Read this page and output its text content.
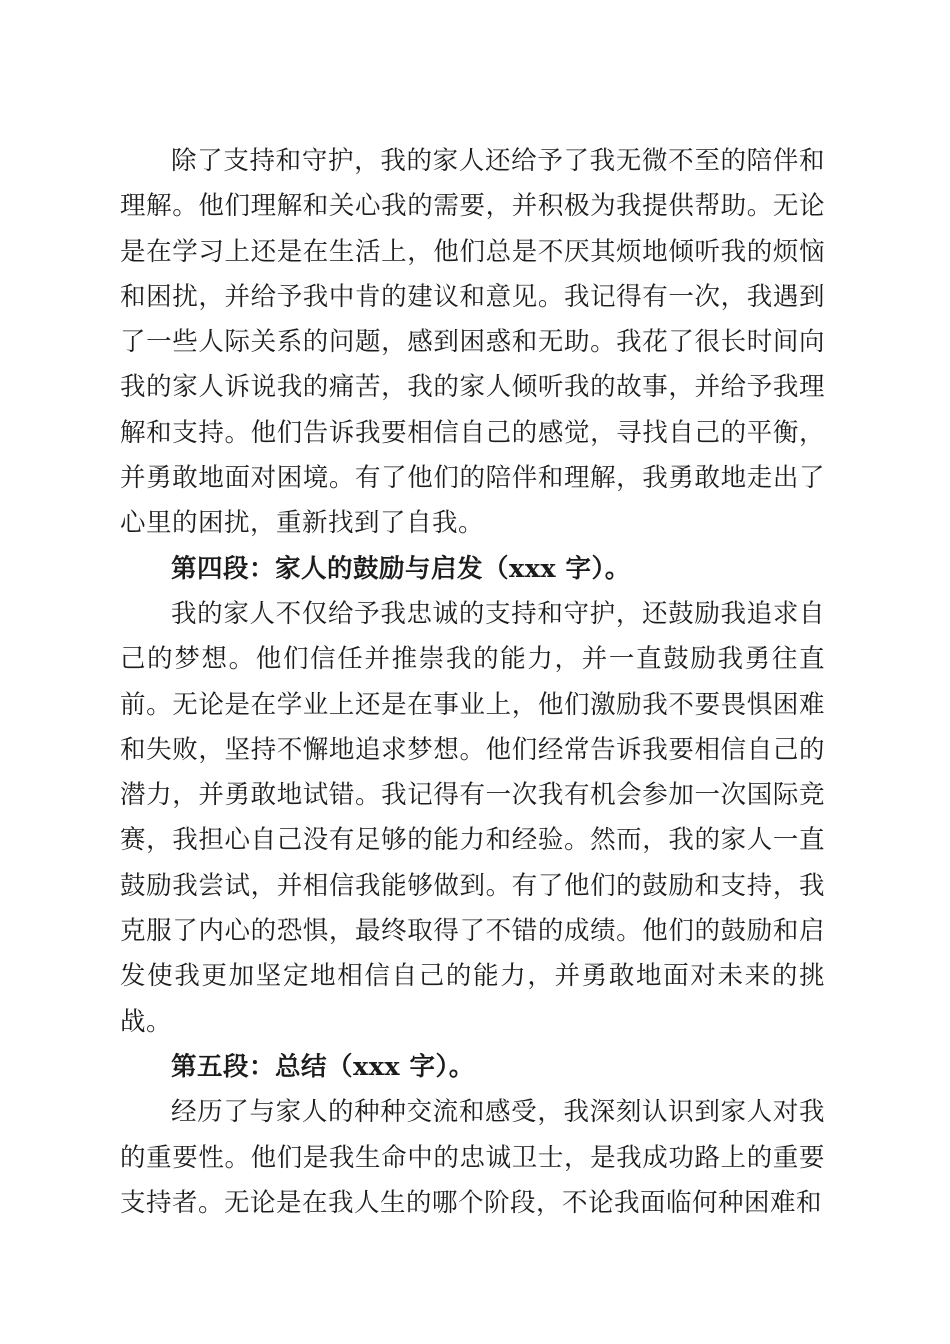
除了支持和守护，我的家人还给予了我无微不至的陪伴和理解。他们理解和关心我的需要，并积极为我提供帮助。无论是在学习上还是在生活上，他们总是不厌其烦地倾听我的烦恼和困扰，并给予我中肯的建议和意见。我记得有一次，我遇到了一些人际关系的问题，感到困惑和无助。我花了很长时间向我的家人诉说我的痛苦，我的家人倾听我的故事，并给予我理解和支持。他们告诉我要相信自己的感觉，寻找自己的平衡，并勇敢地面对困境。有了他们的陪伴和理解，我勇敢地走出了心里的困扰，重新找到了自我。

第四段：家人的鼓励与启发（xxx 字）。

我的家人不仅给予我忠诚的支持和守护，还鼓励我追求自己的梦想。他们信任并推崇我的能力，并一直鼓励我勇往直前。无论是在学业上还是在事业上，他们激励我不要畏惧困难和失败，坚持不懈地追求梦想。他们经常告诉我要相信自己的潜力，并勇敢地试错。我记得有一次我有机会参加一次国际竞赛，我担心自己没有足够的能力和经验。然而，我的家人一直鼓励我尝试，并相信我能够做到。有了他们的鼓励和支持，我克服了内心的恐惧，最终取得了不错的成绩。他们的鼓励和启发使我更加坚定地相信自己的能力，并勇敢地面对未来的挑战。

第五段：总结（xxx 字）。

经历了与家人的种种交流和感受，我深刻认识到家人对我的重要性。他们是我生命中的忠诚卫士，是我成功路上的重要支持者。无论是在我人生的哪个阶段，不论我面临何种困难和
